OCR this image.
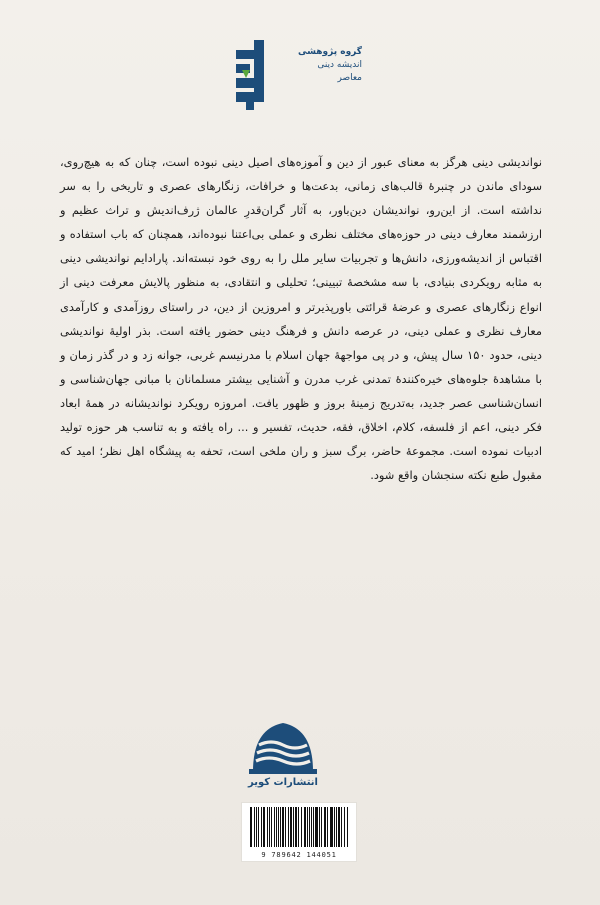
گروه پژوهشی
اندیشه دینی
معاصر

نواندیشی دینی هرگز به معنای عبور از دین و آموزه‌های اصیل دینی نبوده است، چنان که به هیچ‌روی، سودای ماندن در چنبرهٔ قالب‌های زمانی، بدعت‌ها و خرافات، زنگارهای عصری و تاریخی را به سر نداشته است. از این‌رو، نواندیشان دین‌باور، به آثار گران‌قدرِ عالمان ژرف‌اندیش و تراث عظیم و ارزشمند معارف دینی در حوزه‌های مختلف نظری و عملی بی‌اعتنا نبوده‌اند، همچنان که باب استفاده و اقتباس از اندیشه‌ورزی، دانش‌ها و تجربیات سایر ملل را به روی خود نبسته‌اند. پارادایم نواندیشی دینی به مثابه رویکردی بنیادی، با سه مشخصهٔ تبیینی؛ تحلیلی و انتقادی، به منظور پالایش معرفت دینی از انواع زنگارهای عصری و عرضهٔ قرائتی باورپذیرتر و امروزین از دین، در راستای روزآمدی و کارآمدی معارف نظری و عملی دینی، در عرصه دانش و فرهنگ دینی حضور یافته است. بذر اولیهٔ نواندیشی دینی، حدود ۱۵۰ سال پیش، و در پی مواجههٔ جهان اسلام با مدرنیسم غربی، جوانه زد و در گذر زمان و با مشاهدهٔ جلوه‌های خیره‌کنندهٔ تمدنی غرب مدرن و آشنایی بیشتر مسلمانان با مبانی جهان‌شناسی و انسان‌شناسی عصر جدید، به‌تدریج زمینهٔ بروز و ظهور یافت. امروزه رویکرد نواندیشانه در همهٔ ابعاد فکر دینی، اعم از فلسفه، کلام، اخلاق، فقه، حدیث، تفسیر و ... راه یافته و به تناسب هر حوزه تولید ادبیات نموده است. مجموعهٔ حاضر، برگ سبز و ران ملخی است، تحفه به پیشگاه اهل نظر؛ امید که مقبول طبع نکته سنجشان واقع شود.

انتشارات کویر
9 789642 144051
